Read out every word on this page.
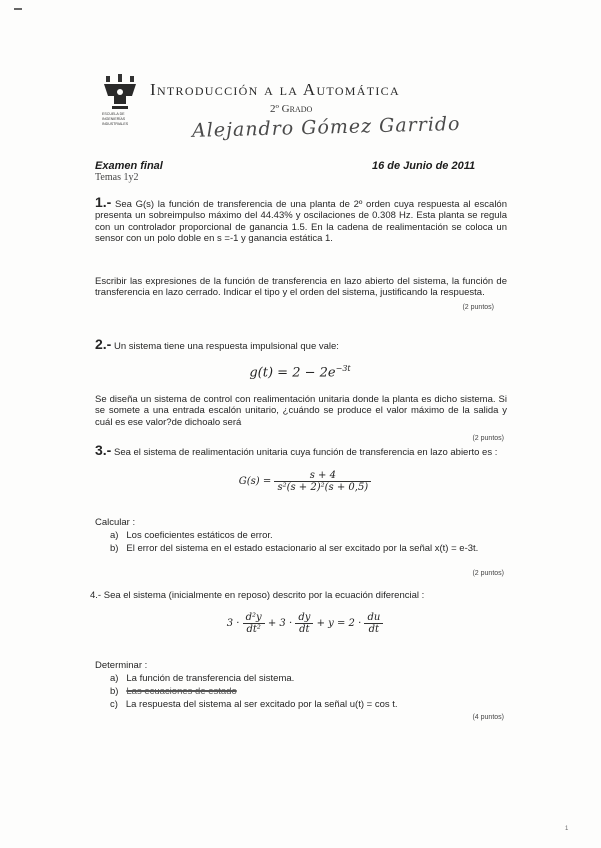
ESCUELA DE
INGENIERÍAS
INDUSTRIALES
Introducción a la Automática
2º Grado
Alejandro Gómez Garrido
Examen final
Temas 1y2
16 de Junio de 2011
1.- Sea G(s) la función de transferencia de una planta de 2º orden cuya respuesta al escalón presenta un sobreimpulso máximo del 44.43% y oscilaciones de 0.308 Hz. Esta planta se regula con un controlador proporcional de ganancia 1.5. En la cadena de realimentación se coloca un sensor con un polo doble en s =-1 y ganancia estática 1.
Escribir las expresiones de la función de transferencia en lazo abierto del sistema, la función de transferencia en lazo cerrado. Indicar el tipo y el orden del sistema, justificando la respuesta.
(2 puntos)
2.- Un sistema tiene una respuesta impulsional que vale:
$g(t) = 2 - 2e^{-3t}$
Se diseña un sistema de control con realimentación unitaria donde la planta es dicho sistema. Si se somete a una entrada escalón unitario, ¿cuándo se produce el valor máximo de la salida y cuál es ese valor?de dichoalo será
(2 puntos)
3.- Sea el sistema de realimentación unitaria cuya función de transferencia en lazo abierto es :
$G(s) = \frac{s + 4}{\text{s²(s + 2)²(s + 0,5)}}$
Calcular :
a) Los coeficientes estáticos de error.
b) El error del sistema en el estado estacionario al ser excitado por la señal x(t) = e-3t.
(2 puntos)
4.- Sea el sistema (inicialmente en reposo) descrito por la ecuación diferencial :
$3 \cdot \frac{\text{d²y}}{\text{dt²}} + 3 \cdot \frac{dy}{dt} + y = 2 \cdot \frac{du}{dt}$
Determinar :
a) La función de transferencia del sistema.
b) Las ecuaciones de estado
c) La respuesta del sistema al ser excitado por la señal u(t) = cos t.
(4 puntos)
1
